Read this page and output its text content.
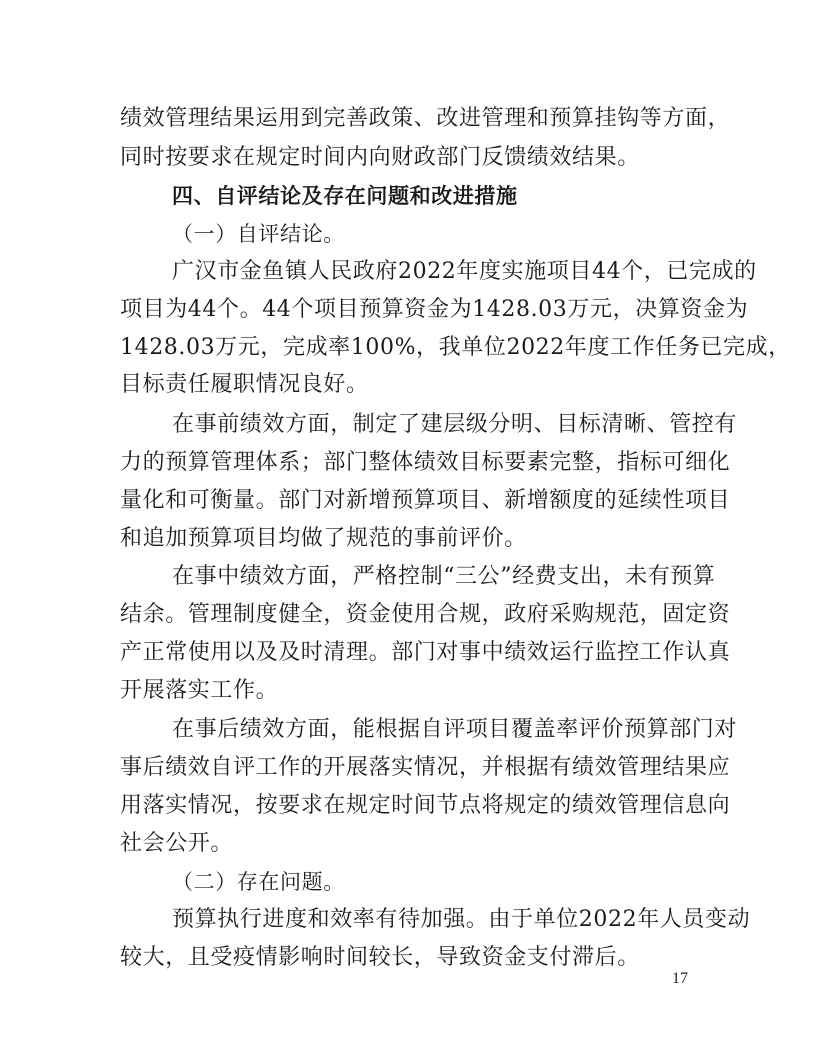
绩效管理结果运用到完善政策、改进管理和预算挂钩等方面，
同时按要求在规定时间内向财政部门反馈绩效结果。
四、自评结论及存在问题和改进措施
（一）自评结论。
广汉市金鱼镇人民政府2022年度实施项目44个，已完成的
项目为44个。44个项目预算资金为1428.03万元，决算资金为
1428.03万元，完成率100%，我单位2022年度工作任务已完成，
目标责任履职情况良好。
在事前绩效方面，制定了建层级分明、目标清晰、管控有
力的预算管理体系；部门整体绩效目标要素完整，指标可细化
量化和可衡量。部门对新增预算项目、新增额度的延续性项目
和追加预算项目均做了规范的事前评价。
在事中绩效方面，严格控制“三公”经费支出，未有预算
结余。管理制度健全，资金使用合规，政府采购规范，固定资
产正常使用以及及时清理。部门对事中绩效运行监控工作认真
开展落实工作。
在事后绩效方面，能根据自评项目覆盖率评价预算部门对
事后绩效自评工作的开展落实情况，并根据有绩效管理结果应
用落实情况，按要求在规定时间节点将规定的绩效管理信息向
社会公开。
（二）存在问题。
预算执行进度和效率有待加强。由于单位2022年人员变动
较大，且受疫情影响时间较长，导致资金支付滞后。
17
